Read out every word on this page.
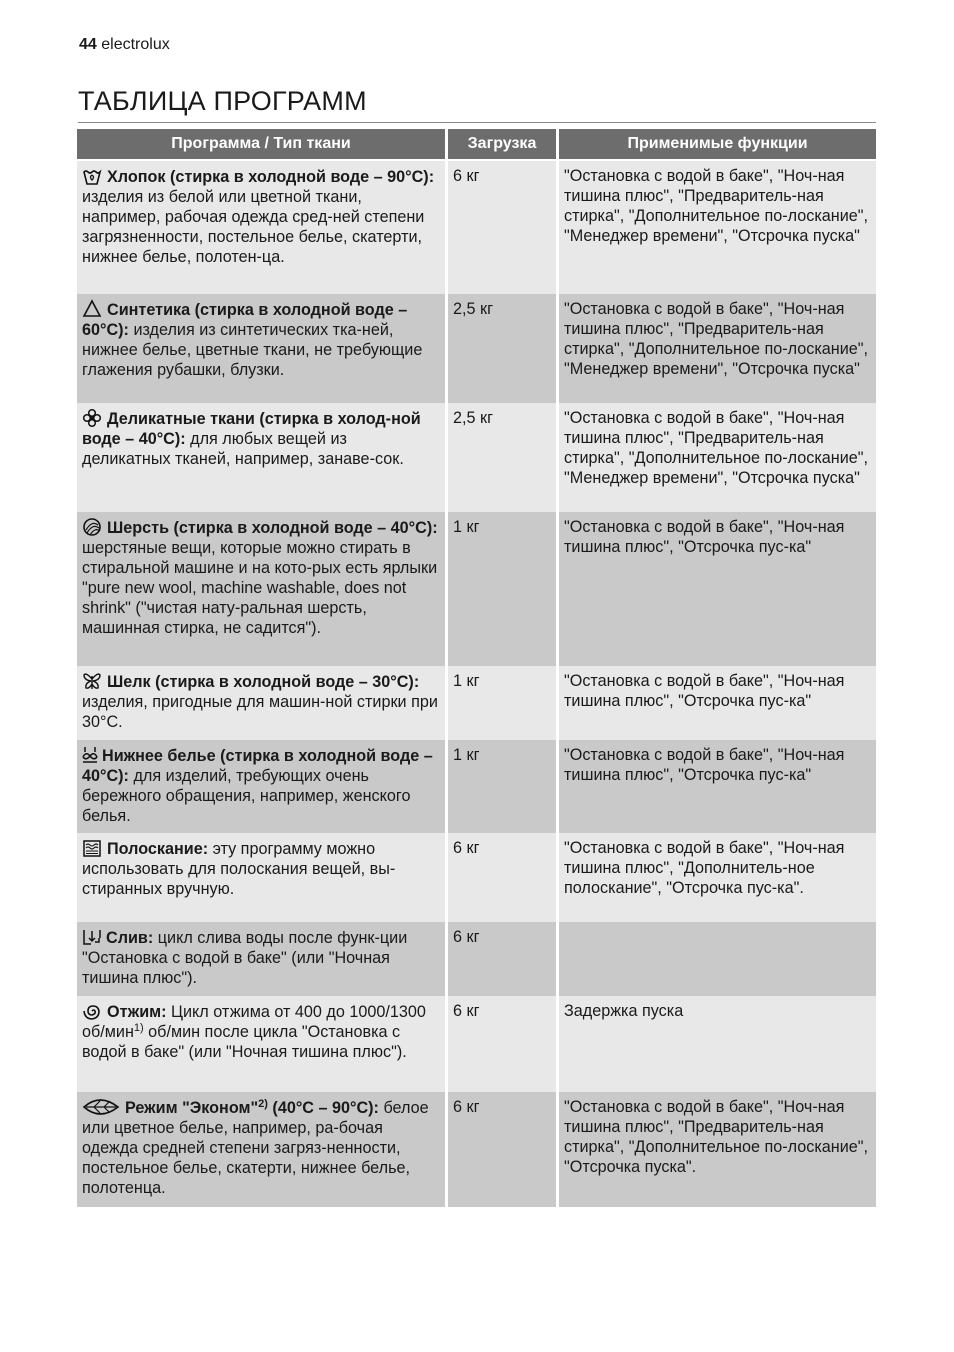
44 electrolux
ТАБЛИЦА ПРОГРАММ
Программа / Тип ткани	Загрузка	Применимые функции

Хлопок (стирка в холодной воде – 90°C): изделия из белой или цветной ткани, например, рабочая одежда сред-ней степени загрязненности, постельное белье, скатерти, нижнее белье, полотен-ца.	6 кг	"Остановка с водой в баке", "Ноч-ная тишина плюс", "Предваритель-ная стирка", "Дополнительное по-лоскание", "Менеджер времени", "Отсрочка пуска"

Синтетика (стирка в холодной воде – 60°C): изделия из синтетических тка-ней, нижнее белье, цветные ткани, не требующие глажения рубашки, блузки.	2,5 кг	"Остановка с водой в баке", "Ноч-ная тишина плюс", "Предваритель-ная стирка", "Дополнительное по-лоскание", "Менеджер времени", "Отсрочка пуска"

Деликатные ткани (стирка в холод-ной воде – 40°C): для любых вещей из деликатных тканей, например, занаве-сок.	2,5 кг	"Остановка с водой в баке", "Ноч-ная тишина плюс", "Предваритель-ная стирка", "Дополнительное по-лоскание", "Менеджер времени", "Отсрочка пуска"

Шерсть (стирка в холодной воде – 40°C): шерстяные вещи, которые можно стирать в стиральной машине и на кото-рых есть ярлыки "pure new wool, machine washable, does not shrink" ("чистая нату-ральная шерсть, машинная стирка, не садится").	1 кг	"Остановка с водой в баке", "Ноч-ная тишина плюс", "Отсрочка пус-ка"

Шелк (стирка в холодной воде – 30°C): изделия, пригодные для машин-ной стирки при 30°C.	1 кг	"Остановка с водой в баке", "Ноч-ная тишина плюс", "Отсрочка пус-ка"

Нижнее белье (стирка в холодной воде – 40°C): для изделий, требующих очень бережного обращения, например, женского белья.	1 кг	"Остановка с водой в баке", "Ноч-ная тишина плюс", "Отсрочка пус-ка"

Полоскание: эту программу можно использовать для полоскания вещей, вы-стиранных вручную.	6 кг	"Остановка с водой в баке", "Ноч-ная тишина плюс", "Дополнитель-ное полоскание", "Отсрочка пус-ка".

Слив: цикл слива воды после функ-ции "Остановка с водой в баке" (или "Ночная тишина плюс").	6 кг	

Отжим: Цикл отжима от 400 до 1000/1300 об/мин$^{1)}$ об/мин после цикла "Остановка с водой в баке" (или "Ночная тишина плюс").	6 кг	Задержка пуска

Режим "Эконом"$^{2)}$ (40°C – 90°C): белое или цветное белье, например, ра-бочая одежда средней степени загряз-ненности, постельное белье, скатерти, нижнее белье, полотенца.	6 кг	"Остановка с водой в баке", "Ноч-ная тишина плюс", "Предваритель-ная стирка", "Дополнительное по-лоскание", "Отсрочка пуска".
